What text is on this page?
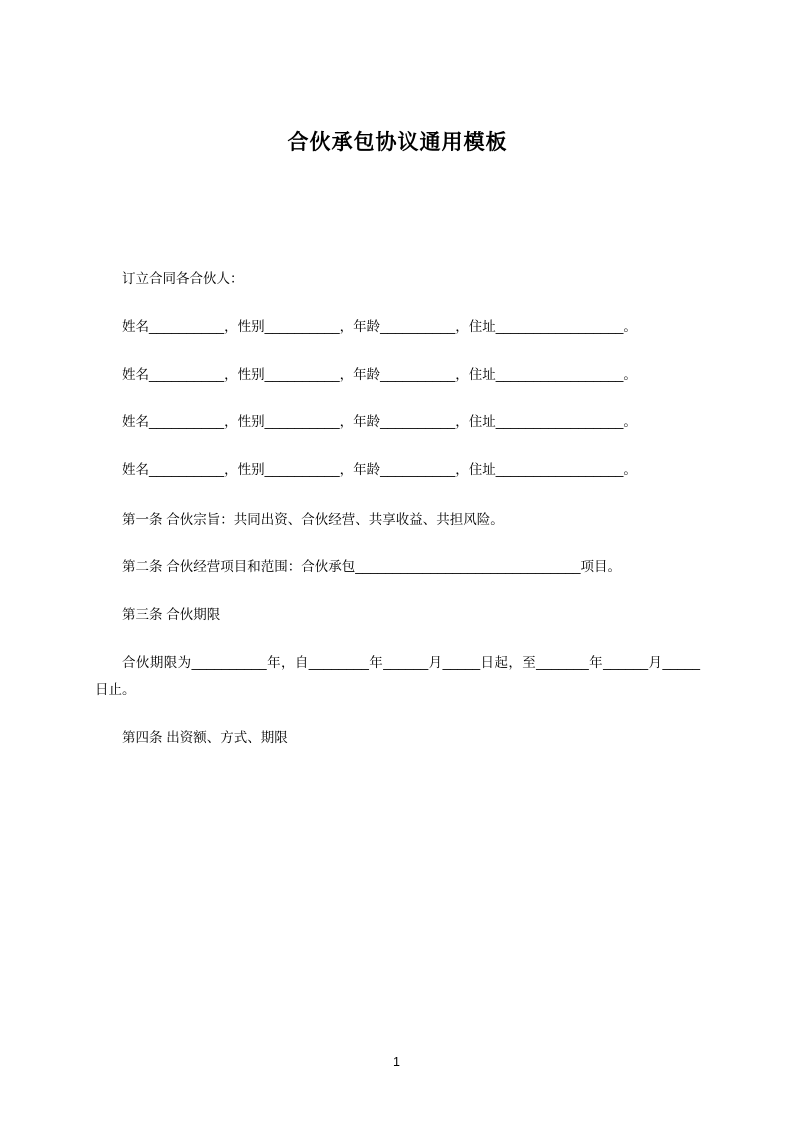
合伙承包协议通用模板

订立合同各合伙人：

姓名__________，性别__________，年龄__________，住址_________________。

姓名__________，性别__________，年龄__________，住址_________________。

姓名__________，性别__________，年龄__________，住址_________________。

姓名__________，性别__________，年龄__________，住址_________________。

第一条 合伙宗旨：共同出资、合伙经营、共享收益、共担风险。

第二条 合伙经营项目和范围：合伙承包______________________________项目。

第三条 合伙期限

合伙期限为__________年，自________年______月_____日起，至_______年______月_____日止。

第四条 出资额、方式、期限

1
